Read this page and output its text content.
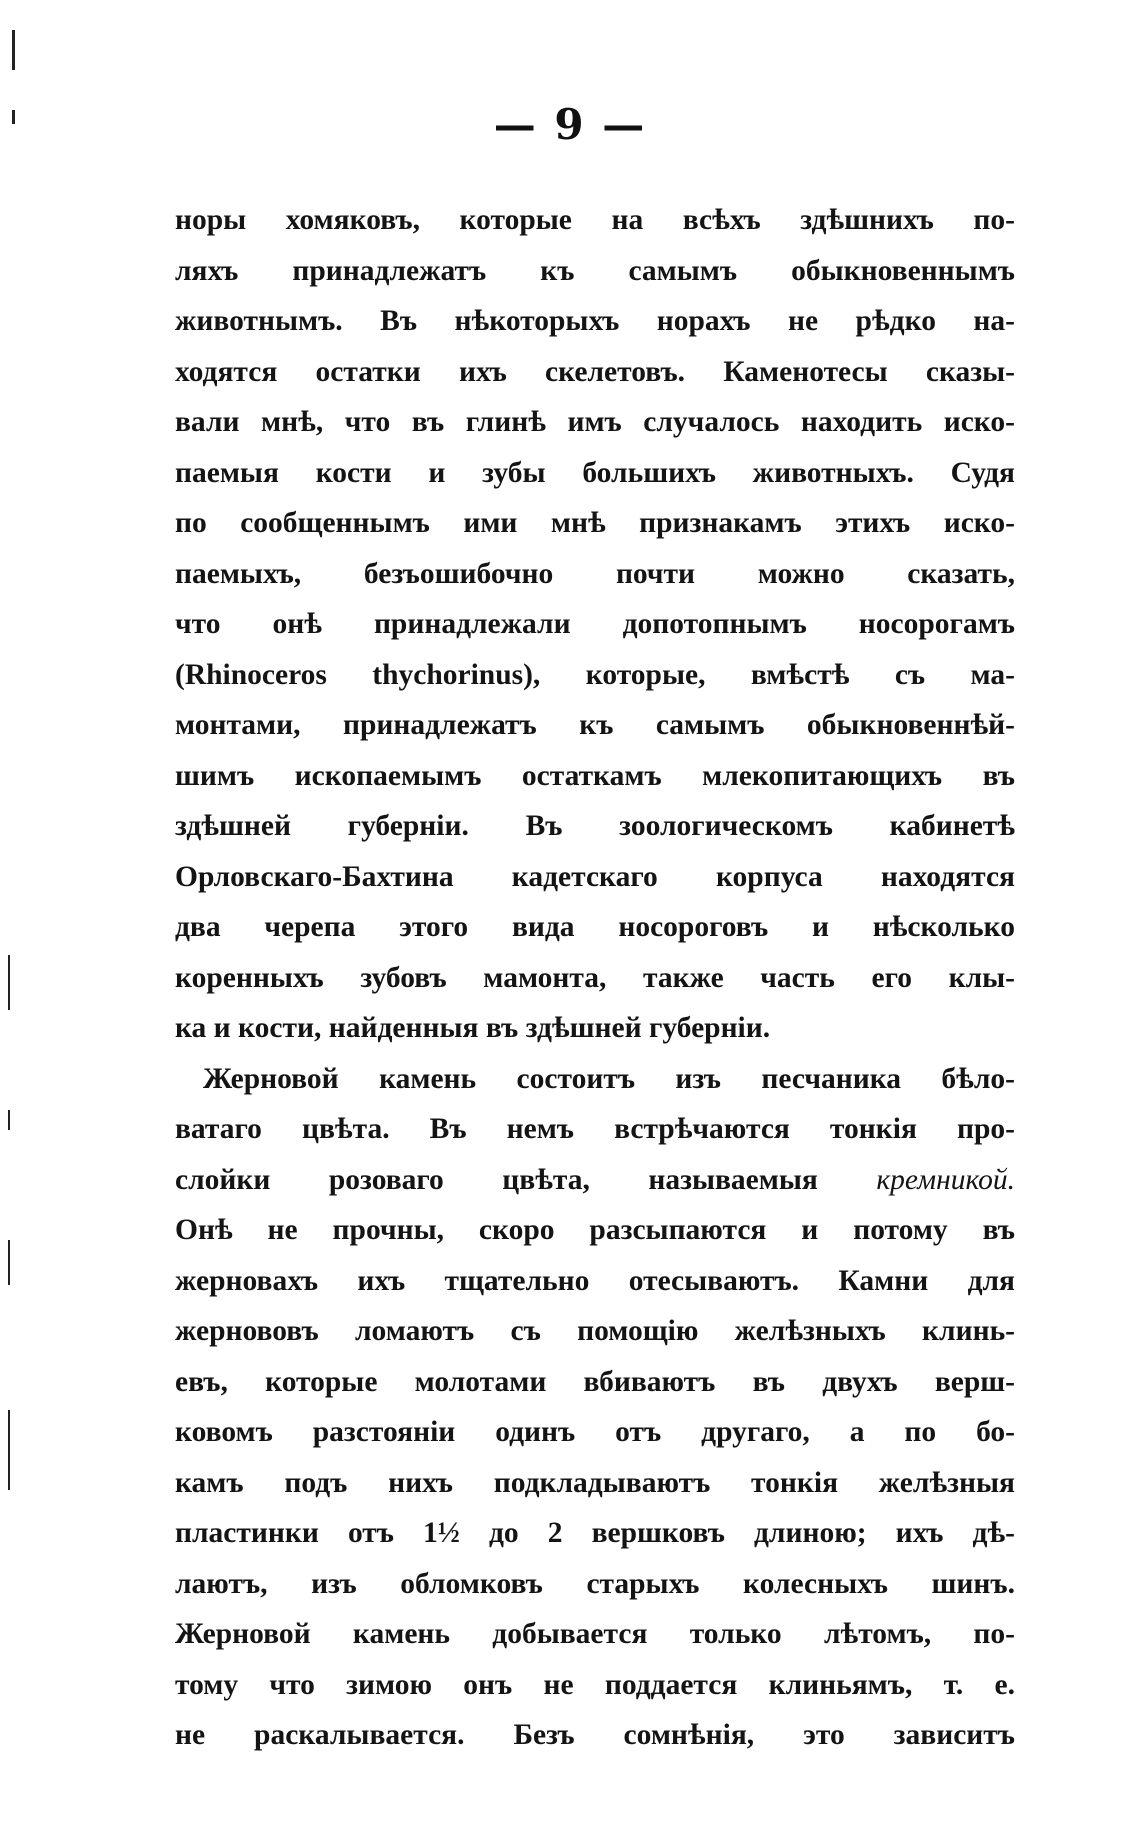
— 9 —
норы хомяковъ, которые на всѣхъ здѣшнихъ по-
ляхъ принадлежатъ къ самымъ обыкновеннымъ
животнымъ. Въ нѣкоторыхъ норахъ не рѣдко на-
ходятся остатки ихъ скелетовъ. Каменотесы сказы-
вали мнѣ, что въ глинѣ имъ случалось находить иско-
паемыя кости и зубы большихъ животныхъ. Судя
по сообщеннымъ ими мнѣ признакамъ этихъ иско-
паемыхъ, безъошибочно почти можно сказать,
что онѣ принадлежали допотопнымъ носорогамъ
(Rhinoceros thychorinus), которые, вмѣстѣ съ ма-
монтами, принадлежатъ къ самымъ обыкновеннѣй-
шимъ ископаемымъ остаткамъ млекопитающихъ въ
здѣшней губерніи. Въ зоологическомъ кабинетѣ
Орловскаго-Бахтина кадетскаго корпуса находятся
два черепа этого вида носороговъ и нѣсколько
коренныхъ зубовъ мамонта, также часть его клы-
ка и кости, найденныя въ здѣшней губерніи.
Жерновой камень состоитъ изъ песчаника бѣло-
ватаго цвѣта. Въ немъ встрѣчаются тонкія про-
слойки розоваго цвѣта, называемыя кремникой.
Онѣ не прочны, скоро разсыпаются и потому въ
жерновахъ ихъ тщательно отесываютъ. Камни для
жернововъ ломаютъ съ помощію желѣзныхъ клинь-
евъ, которые молотами вбиваютъ въ двухъ верш-
ковомъ разстояніи одинъ отъ другаго, а по бо-
камъ подъ нихъ подкладываютъ тонкія желѣзныя
пластинки отъ 1½ до 2 вершковъ длиною; ихъ дѣ-
лаютъ, изъ обломковъ старыхъ колесныхъ шинъ.
Жерновой камень добывается только лѣтомъ, по-
тому что зимою онъ не поддается клиньямъ, т. е.
не раскалывается. Безъ сомнѣнія, это зависитъ
